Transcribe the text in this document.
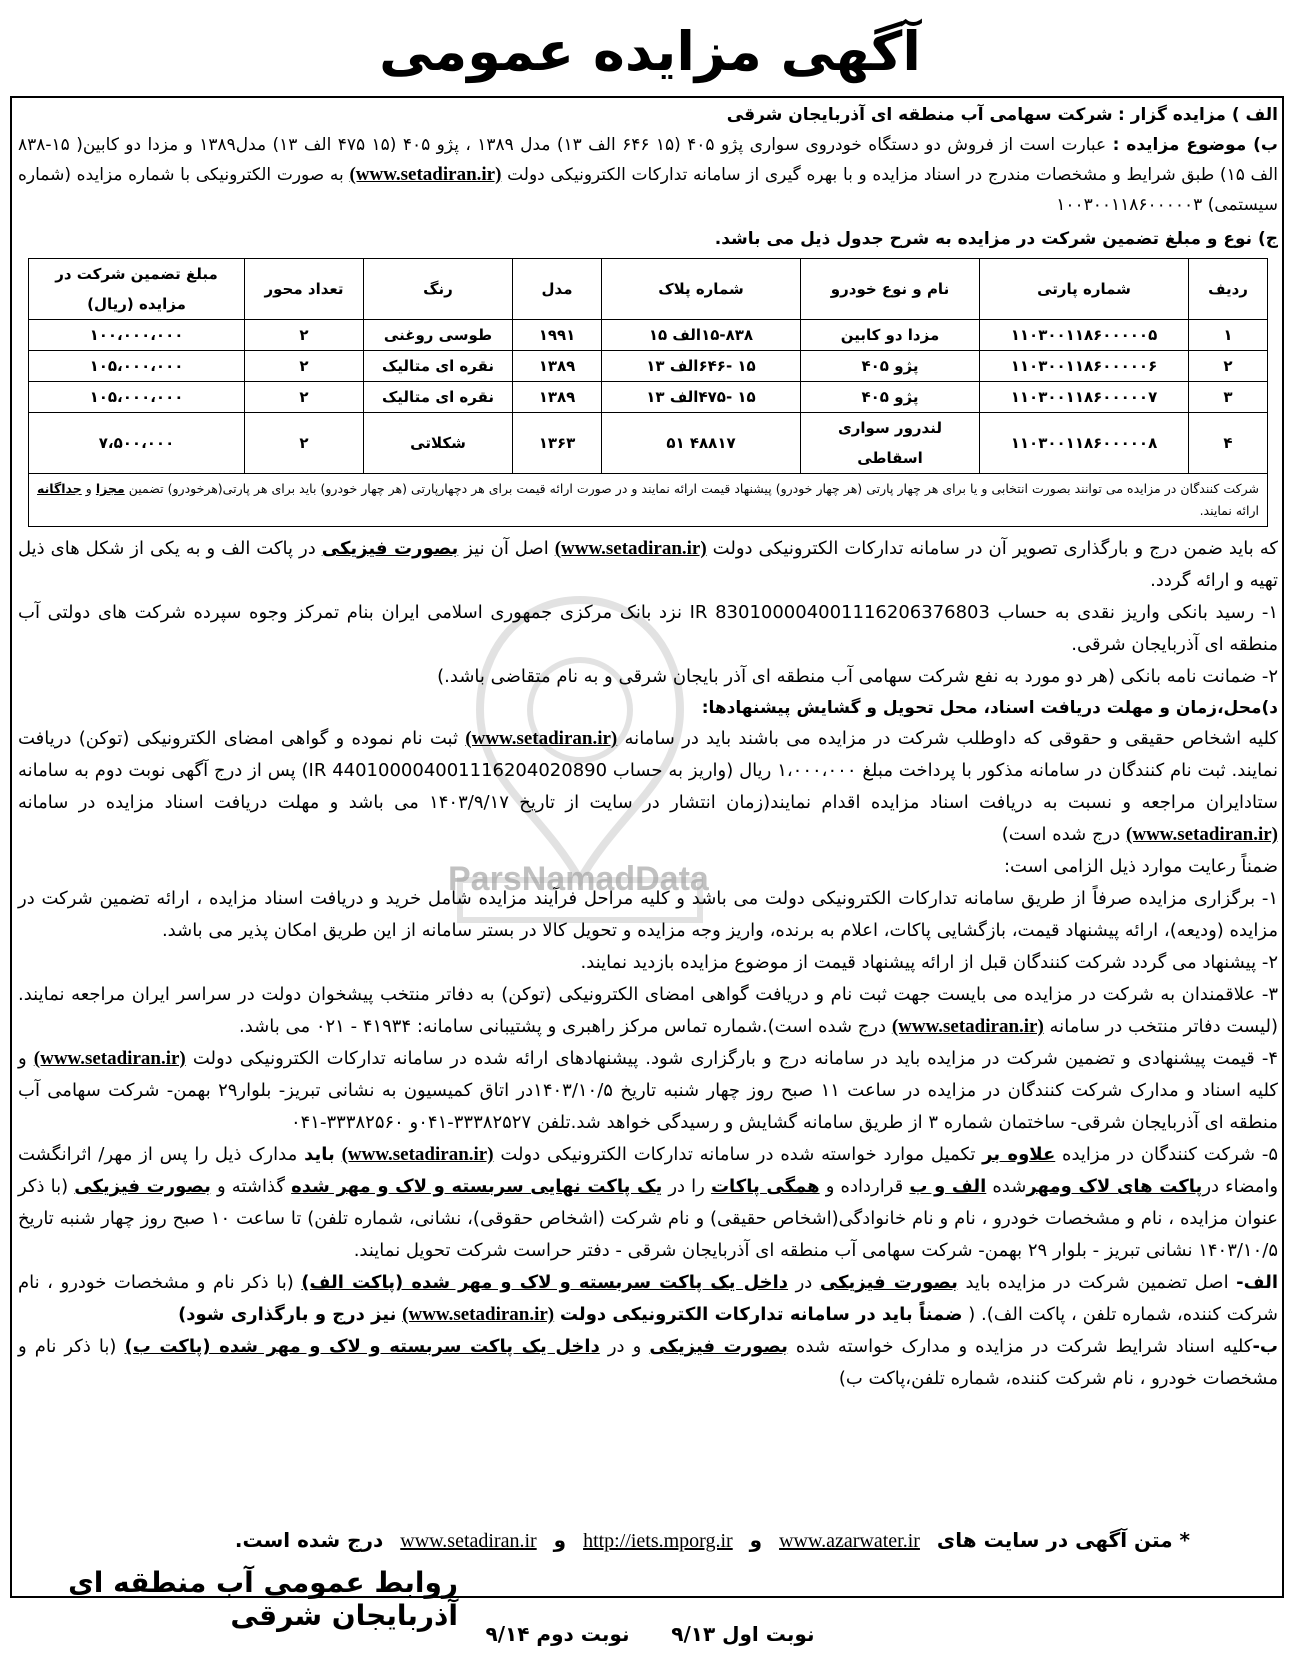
آگهی مزایده عمومی
ParsNamadData

الف ) مزایده گزار : شرکت سهامی آب منطقه ای آذربایجان شرقی

ب) موضوع مزایده : عبارت است از فروش دو دستگاه خودروی سواری پژو ۴۰۵ (۱۵ ۶۴۶ الف ۱۳) مدل ۱۳۸۹ ، پژو ۴۰۵ (۱۵ ۴۷۵ الف ۱۳) مدل۱۳۸۹ و مزدا دو کابین( ۱۵-۸۳۸ الف ۱۵) طبق شرایط و مشخصات مندرج در اسناد مزایده و با بهره گیری از سامانه تدارکات الکترونیکی دولت (www.setadiran.ir) به صورت الکترونیکی با شماره مزایده (شماره سیستمی) ۱۰۰۳۰۰۱۱۸۶۰۰۰۰۰۳

ج) نوع و مبلغ تضمین شرکت در مزایده به شرح جدول ذیل می باشد.

ردیف	شماره پارتی	نام و نوع خودرو	شماره پلاک	مدل	رنگ	تعداد محور	مبلغ تضمین شرکت در مزایده (ریال)
۱	۱۱۰۳۰۰۱۱۸۶۰۰۰۰۰۵	مزدا دو کابین	۱۵-۸۳۸الف ۱۵	۱۹۹۱	طوسی روغنی	۲	۱۰۰،۰۰۰،۰۰۰
۲	۱۱۰۳۰۰۱۱۸۶۰۰۰۰۰۶	پژو ۴۰۵	۱۵ -۶۴۶الف ۱۳	۱۳۸۹	نقره ای متالیک	۲	۱۰۵،۰۰۰،۰۰۰
۳	۱۱۰۳۰۰۱۱۸۶۰۰۰۰۰۷	پژو ۴۰۵	۱۵ -۴۷۵الف ۱۳	۱۳۸۹	نقره ای متالیک	۲	۱۰۵،۰۰۰،۰۰۰
۴	۱۱۰۳۰۰۱۱۸۶۰۰۰۰۰۸	لندرور سواری اسقاطی	۴۸۸۱۷ ۵۱	۱۳۶۳	شکلاتی	۲	۷،۵۰۰،۰۰۰
شرکت کنندگان در مزایده می توانند بصورت انتخابی و یا برای هر چهار پارتی (هر چهار خودرو) پیشنهاد قیمت ارائه نمایند و در صورت ارائه قیمت برای هر دچهارپارتی (هر چهار خودرو) باید برای هر پارتی(هرخودرو) تضمین مجزا و جداگانه ارائه نمایند.							

که باید ضمن درج و بارگذاری تصویر آن در سامانه تدارکات الکترونیکی دولت (www.setadiran.ir) اصل آن نیز بصورت فیزیکی در پاکت الف و به یکی از شکل های ذیل تهیه و ارائه گردد.

۱- رسید بانکی واریز نقدی به حساب IR 830100004001116206376803 نزد بانک مرکزی جمهوری اسلامی ایران بنام تمرکز وجوه سپرده شرکت های دولتی آب منطقه ای آذربایجان شرقی.

۲- ضمانت نامه بانکی (هر دو مورد به نفع شرکت سهامی آب منطقه ای آذر بایجان شرقی و به نام متقاضی باشد.)

د)محل،زمان و مهلت دریافت اسناد، محل تحویل و گشایش پیشنهادها:

کلیه اشخاص حقیقی و حقوقی که داوطلب شرکت در مزایده می باشند باید در سامانه (www.setadiran.ir) ثبت نام نموده و گواهی امضای الکترونیکی (توکن) دریافت نمایند. ثبت نام کنندگان در سامانه مذکور با پرداخت مبلغ ۱،۰۰۰،۰۰۰ ریال (واریز به حساب IR 440100004001116204020890) پس از درج آگهی نوبت دوم به سامانه ستادایران مراجعه و نسبت به دریافت اسناد مزایده اقدام نمایند(زمان انتشار در سایت از تاریخ ۱۴۰۳/۹/۱۷ می باشد و مهلت دریافت اسناد مزایده در سامانه (www.setadiran.ir) درج شده است)

ضمناً رعایت موارد ذیل الزامی است:

۱- برگزاری مزایده صرفاً از طریق سامانه تدارکات الکترونیکی دولت می باشد و کلیه مراحل فرآیند مزایده شامل خرید و دریافت اسناد مزایده ، ارائه تضمین شرکت در مزایده (ودیعه)، ارائه پیشنهاد قیمت، بازگشایی پاکات، اعلام به برنده، واریز وجه مزایده و تحویل کالا در بستر سامانه از این طریق امکان پذیر می باشد.

۲- پیشنهاد می گردد شرکت کنندگان قبل از ارائه پیشنهاد قیمت از موضوع مزایده بازدید نمایند.

۳- علاقمندان به شرکت در مزایده می بایست جهت ثبت نام و دریافت گواهی امضای الکترونیکی (توکن) به دفاتر منتخب پیشخوان دولت در سراسر ایران مراجعه نمایند.(لیست دفاتر منتخب در سامانه (www.setadiran.ir) درج شده است).شماره تماس مرکز راهبری و پشتیبانی سامانه: ۴۱۹۳۴ - ۰۲۱ می باشد.

۴- قیمت پیشنهادی و تضمین شرکت در مزایده باید در سامانه درج و بارگزاری شود. پیشنهادهای ارائه شده در سامانه تدارکات الکترونیکی دولت (www.setadiran.ir) و کلیه اسناد و مدارک شرکت کنندگان در مزایده در ساعت ۱۱ صبح روز چهار شنبه تاریخ ۱۴۰۳/۱۰/۵در اتاق کمیسیون به نشانی تبریز- بلوار۲۹ بهمن- شرکت سهامی آب منطقه ای آذربایجان شرقی- ساختمان شماره ۳ از طریق سامانه گشایش و رسیدگی خواهد شد.تلفن ۳۳۳۸۲۵۲۷-۰۴۱و ۳۳۳۸۲۵۶۰-۰۴۱

۵- شرکت کنندگان در مزایده علاوه بر تکمیل موارد خواسته شده در سامانه تدارکات الکترونیکی دولت (www.setadiran.ir) باید مدارک ذیل را پس از مهر/ اثرانگشت وامضاء درپاکت های لاک ومهرشده الف و ب قرارداده و همگی پاکات را در یک پاکت نهایی سربسته و لاک و مهر شده گذاشته و بصورت فیزیکی (با ذکر عنوان مزایده ، نام و مشخصات خودرو ، نام و نام خانوادگی(اشخاص حقیقی) و نام شرکت (اشخاص حقوقی)، نشانی، شماره تلفن) تا ساعت ۱۰ صبح روز چهار شنبه تاریخ ۱۴۰۳/۱۰/۵ نشانی تبریز - بلوار ۲۹ بهمن- شرکت سهامی آب منطقه ای آذربایجان شرقی - دفتر حراست شرکت تحویل نمایند.

الف- اصل تضمین شرکت در مزایده باید بصورت فیزیکی در داخل یک پاکت سربسته و لاک و مهر شده (پاکت الف) (با ذکر نام و مشخصات خودرو ، نام شرکت کننده، شماره تلفن ، پاکت الف). ( ضمناً باید در سامانه تدارکات الکترونیکی دولت (www.setadiran.ir) نیز درج و بارگذاری شود)

ب-کلیه اسناد شرایط شرکت در مزایده و مدارک خواسته شده بصورت فیزیکی و در داخل یک پاکت سربسته و لاک و مهر شده (پاکت ب) (با ذکر نام و مشخصات خودرو ، نام شرکت کننده، شماره تلفن،پاکت ب)

* متن آگهی در سایت های www.azarwater.ir و http://iets.mporg.ir و www.setadiran.ir درج شده است.
روابط عمومی آب منطقه ای آذربایجان شرقی
نوبت اول ۹/۱۳      نوبت دوم ۹/۱۴
